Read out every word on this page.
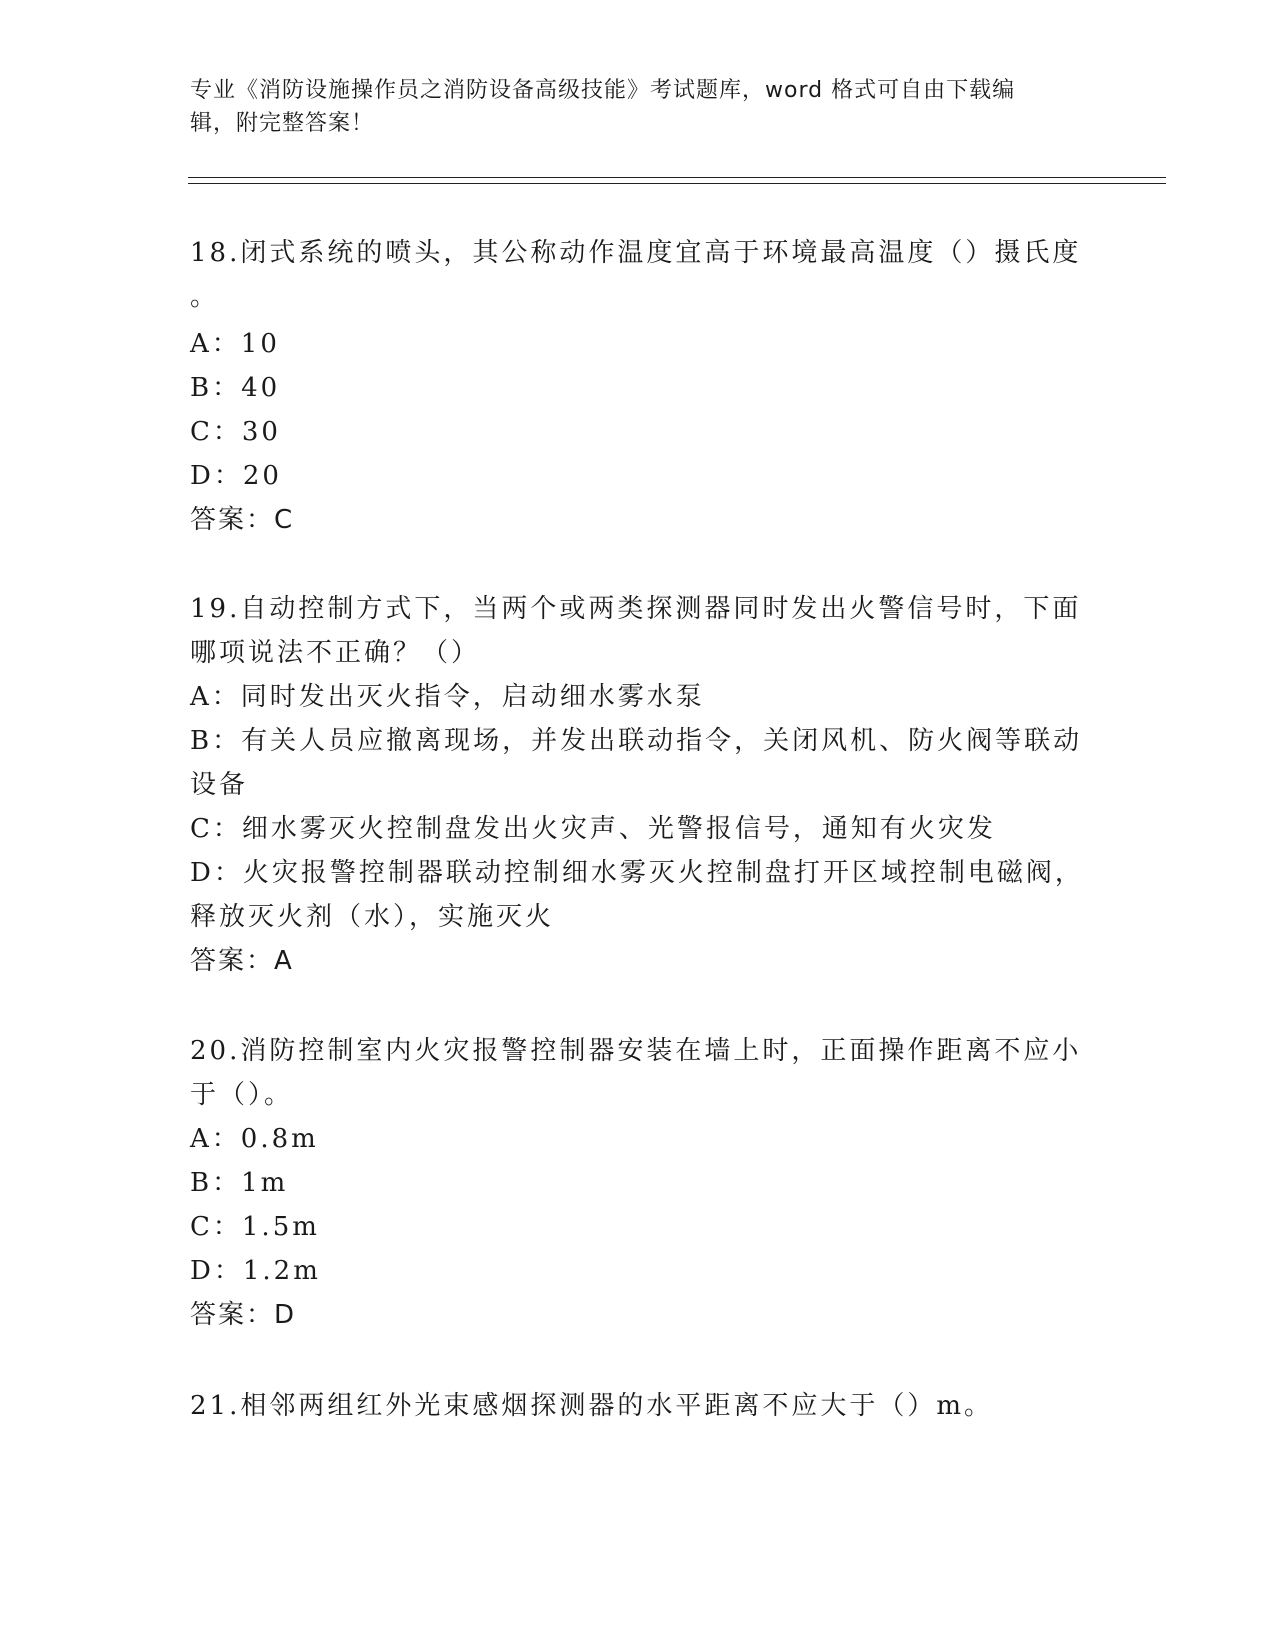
专业《消防设施操作员之消防设备高级技能》考试题库，word 格式可自由下载编
辑，附完整答案！
18.闭式系统的喷头，其公称动作温度宜高于环境最高温度（）摄氏度
。
A：10
B：40
C：30
D：20
答案：C
19.自动控制方式下，当两个或两类探测器同时发出火警信号时，下面
哪项说法不正确？（）
A：同时发出灭火指令，启动细水雾水泵
B：有关人员应撤离现场，并发出联动指令，关闭风机、防火阀等联动
设备
C：细水雾灭火控制盘发出火灾声、光警报信号，通知有火灾发
D：火灾报警控制器联动控制细水雾灭火控制盘打开区域控制电磁阀，
释放灭火剂（水），实施灭火
答案：A
20.消防控制室内火灾报警控制器安装在墙上时，正面操作距离不应小
于（）。
A：0.8m
B：1m
C：1.5m
D：1.2m
答案：D
21.相邻两组红外光束感烟探测器的水平距离不应大于（）m。
